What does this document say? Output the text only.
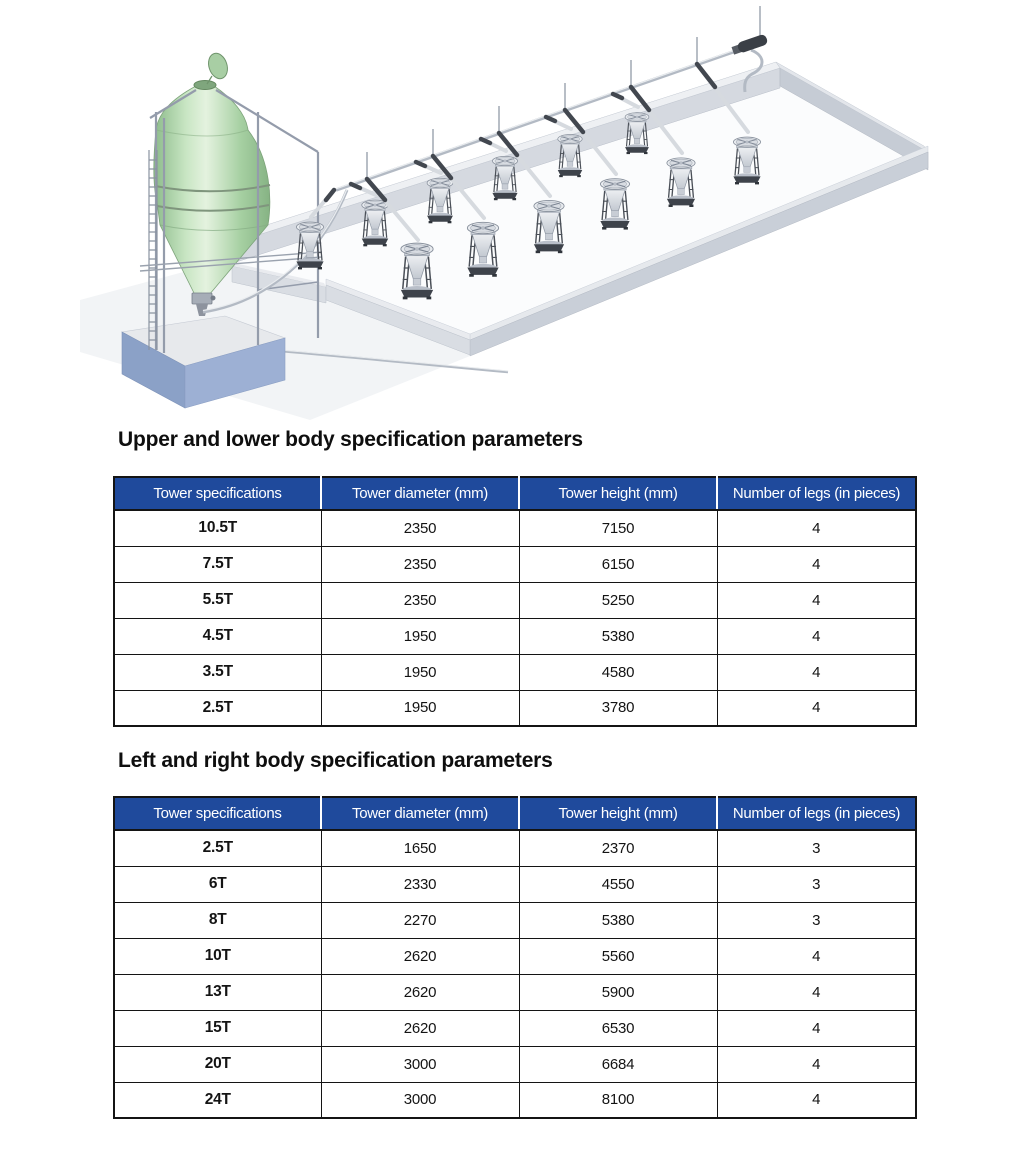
Upper and lower body specification parameters
Tower specifications	Tower diameter (mm)	Tower height (mm)	Number of legs (in pieces)
10.5T	2350	7150	4
7.5T	2350	6150	4
5.5T	2350	5250	4
4.5T	1950	5380	4
3.5T	1950	4580	4
2.5T	1950	3780	4
Left and right body specification parameters
Tower specifications	Tower diameter (mm)	Tower height (mm)	Number of legs (in pieces)
2.5T	1650	2370	3
6T	2330	4550	3
8T	2270	5380	3
10T	2620	5560	4
13T	2620	5900	4
15T	2620	6530	4
20T	3000	6684	4
24T	3000	8100	4
